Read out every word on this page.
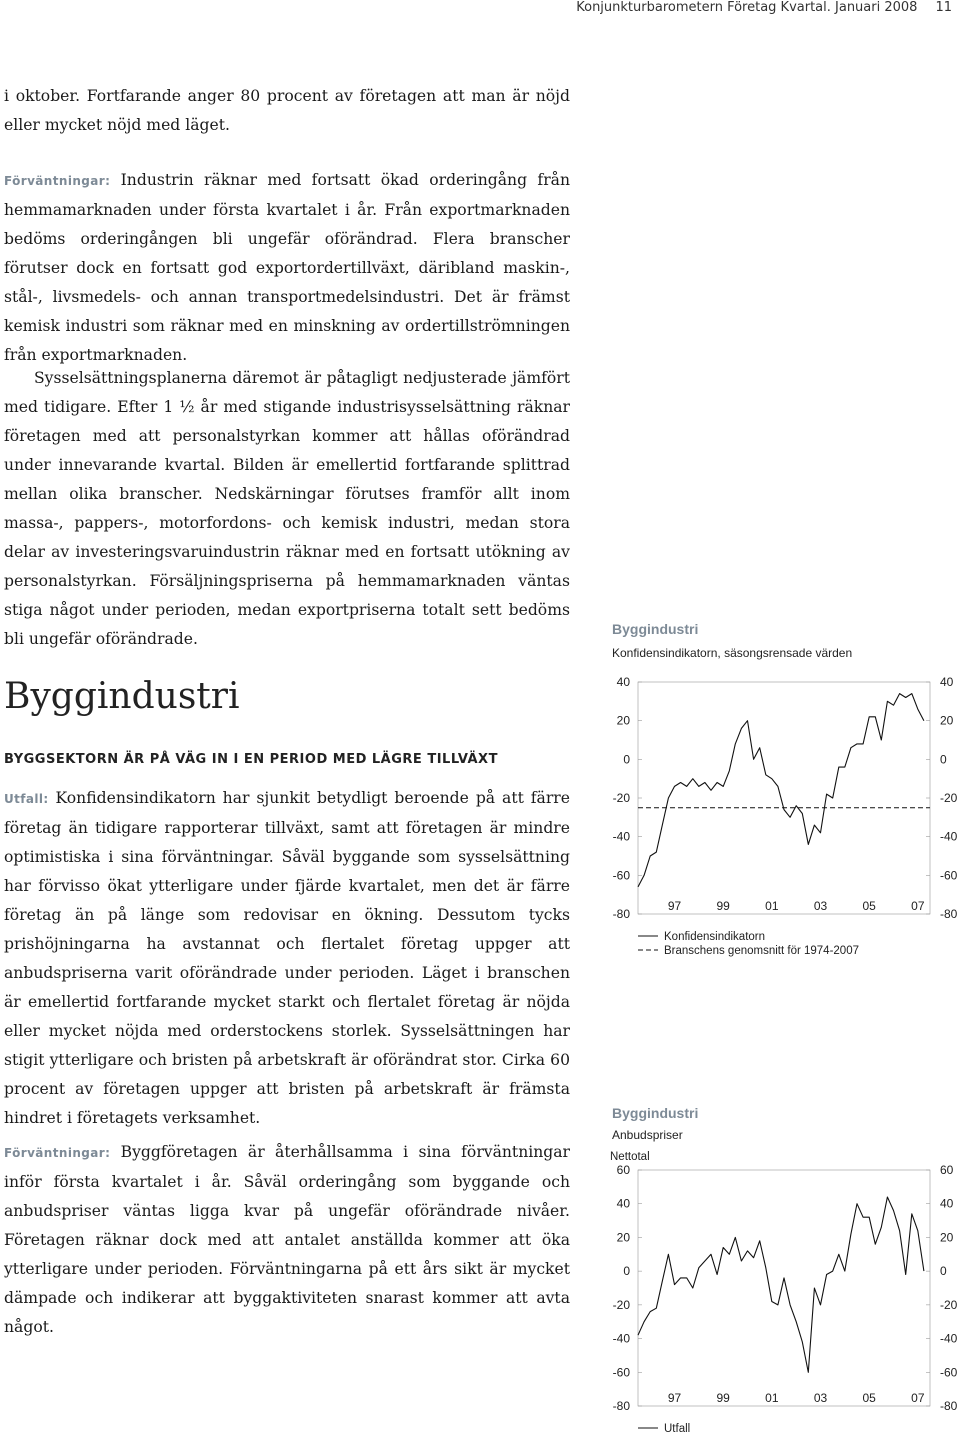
Konjunkturbarometern Företag Kvartal. Januari 2008 11

i oktober. Fortfarande anger 80 procent av företagen att man är nöjd eller mycket nöjd med läget.

Förväntningar: Industrin räknar med fortsatt ökad orderingång från hemmamarknaden under första kvartalet i år. Från exportmarknaden bedöms orderingången bli ungefär oförändrad. Flera branscher förutser dock en fortsatt god exportordertillväxt, däribland maskin-, stål-, livsmedels- och annan transportmedelsindustri. Det är främst kemisk industri som räknar med en minskning av ordertillströmningen från exportmarknaden.

Sysselsättningsplanerna däremot är påtagligt nedjusterade jämfört med tidigare. Efter 1 ½ år med stigande industrisysselsättning räknar företagen med att personalstyrkan kommer att hållas oförändrad under innevarande kvartal. Bilden är emellertid fortfarande splittrad mellan olika branscher. Nedskärningar förutses framför allt inom massa-, pappers-, motorfordons- och kemisk industri, medan stora delar av investeringsvaruindustrin räknar med en fortsatt utökning av personalstyrkan. Försäljningspriserna på hemmamarknaden väntas stiga något under perioden, medan exportpriserna totalt sett bedöms bli ungefär oförändrade.

Byggindustri
BYGGSEKTORN ÄR PÅ VÄG IN I EN PERIOD MED LÄGRE TILLVÄXT

Utfall: Konfidensindikatorn har sjunkit betydligt beroende på att färre företag än tidigare rapporterar tillväxt, samt att företagen är mindre optimistiska i sina förväntningar. Såväl byggande som sysselsättning har förvisso ökat ytterligare under fjärde kvartalet, men det är färre företag än på länge som redovisar en ökning. Dessutom tycks prishöjningarna ha avstannat och flertalet företag uppger att anbudspriserna varit oförändrade under perioden. Läget i branschen är emellertid fortfarande mycket starkt och flertalet företag är nöjda eller mycket nöjda med orderstockens storlek. Sysselsättningen har stigit ytterligare och bristen på arbetskraft är oförändrat stor. Cirka 60 procent av företagen uppger att bristen på arbetskraft är främsta hindret i företagets verksamhet.

Förväntningar: Byggföretagen är återhållsamma i sina förväntningar inför första kvartalet i år. Såväl orderingång som byggande och anbudspriser väntas ligga kvar på ungefär oförändrade nivåer. Företagen räknar dock med att antalet anställda kommer att öka ytterligare under perioden. Förväntningarna på ett års sikt är mycket dämpade och indikerar att byggaktiviteten snarast kommer att avta något.

Byggindustri
Konfidensindikatorn, säsongsrensade värden
-80	-80
-60	-60
-40	-40
-20	-20
0	0
20	20
40	40
97	99	01	03	05	07
Konfidensindikatorn
Branschens genomsnitt för 1974-2007
Byggindustri
Anbudspriser
Nettotal
-80	-80
-60	-60
-40	-40
-20	-20
0	0
20	20
40	40
60	60
97	99	01	03	05	07
Utfall
